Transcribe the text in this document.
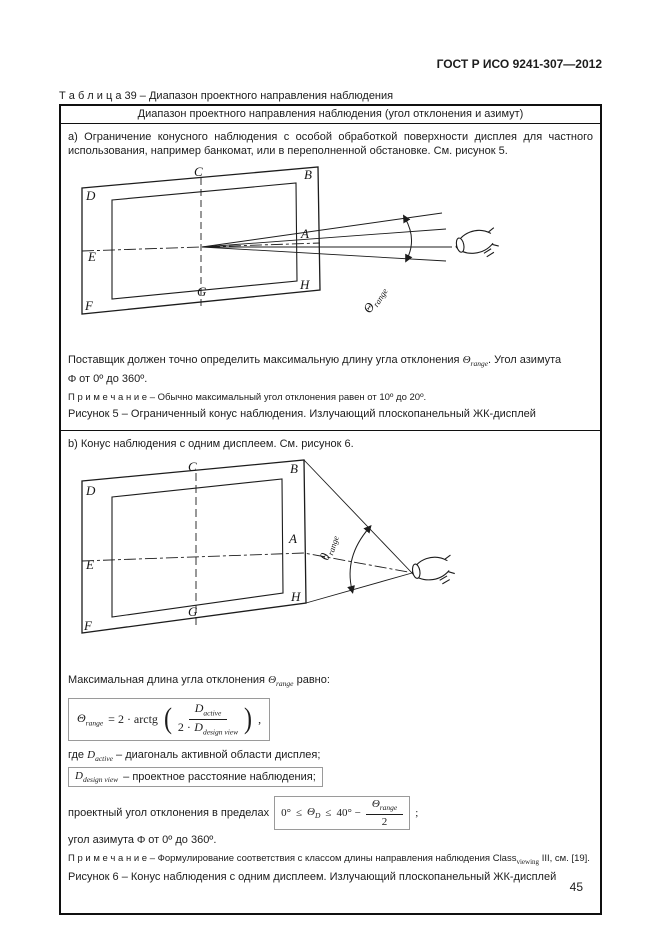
ГОСТ Р ИСО 9241-307—2012
Т а б л и ц а 39 – Диапазон проектного направления наблюдения
Диапазон проектного направления наблюдения (угол отклонения и азимут)

a) Ограничение конусного наблюдения с особой обработкой поверхности дисплея для частного использования, например банкомат, или в переполненной обстановке. См. рисунок 5.

D
C	B
A
E
H
G
F	$\Theta_{range}$

Поставщик должен точно определить максимальную длину угла отклонения $\Theta_{range}$. Угол азимута

Φ от 0º до 360º.

П р и м е ч а н и е – Обычно максимальный угол отклонения равен от 10º до 20º.

Рисунок 5 – Ограниченный конус наблюдения. Излучающий плоскопанельный ЖК-дисплей

b) Конус наблюдения с одним дисплеем. См. рисунок 6.

D
C	B
A
E
H
G
F
$\theta_{range}$

Максимальная длина угла отклонения $\Theta_{range}$ равно:

$\Theta_{range} = 2$ · arctg ( $\frac{D_{active}}{2 \cdot D_{design view}}$ ) ,

где $D_{active}$ – диагональ активной области дисплея;

$D_{design view}$ – проектное расстояние наблюдения;

проектный угол отклонения в пределах $0^\circ \le \Theta_D \le 40^\circ - \frac{\Theta_{range}}{2}$ ;

угол азимута Φ от 0º до 360º.

П р и м е ч а н и е – Формулирование соответствия с классом длины направления наблюдения Class$_{viewing}$ III, см. [19].

Рисунок 6 – Конус наблюдения с одним дисплеем. Излучающий плоскопанельный ЖК-дисплей

45
